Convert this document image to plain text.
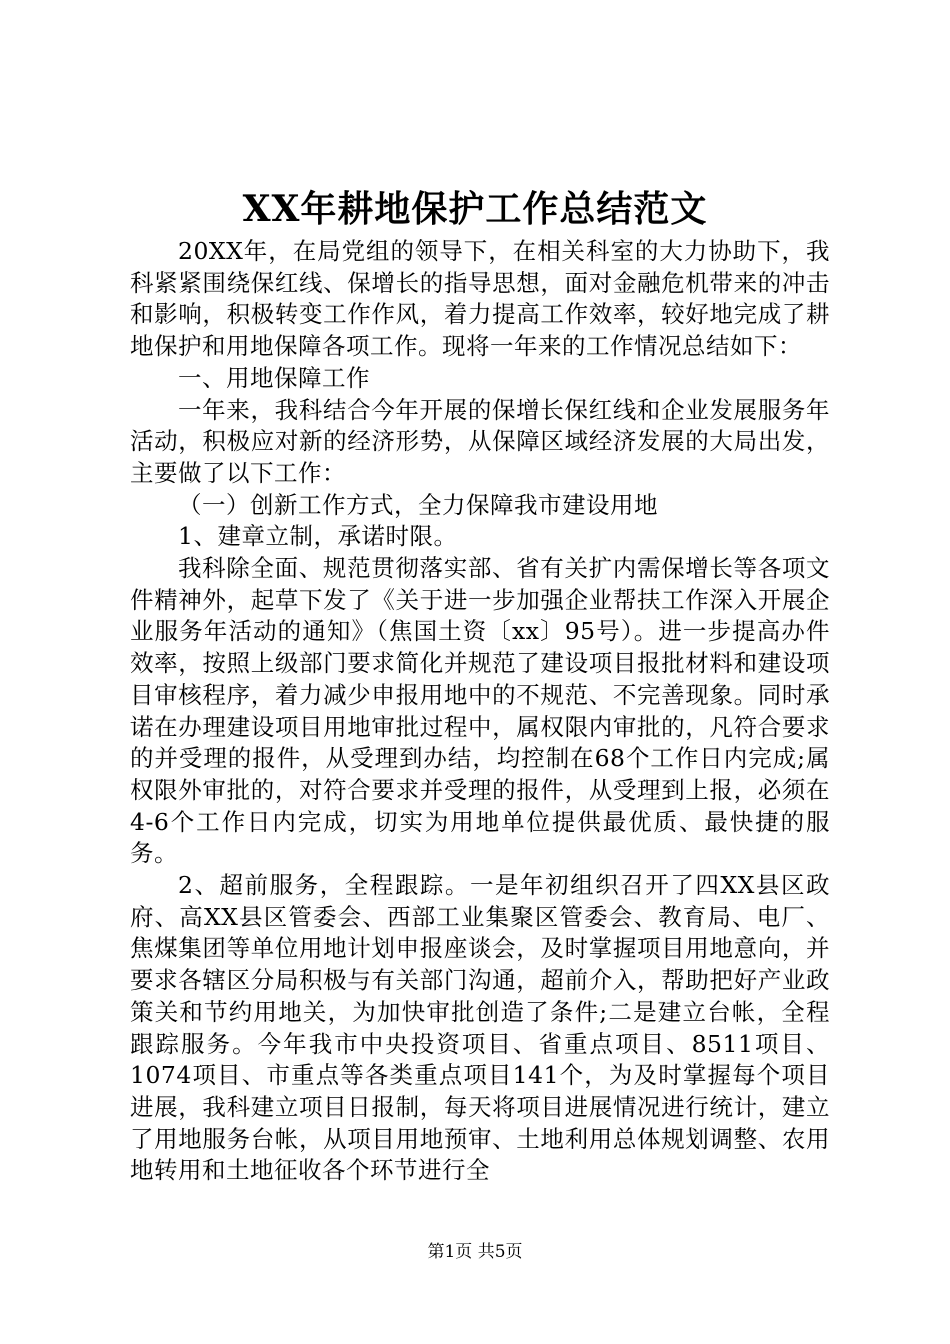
XX年耕地保护工作总结范文

20XX年，在局党组的领导下，在相关科室的大力协助下，我科紧紧围绕保红线、保增长的指导思想，面对金融危机带来的冲击和影响，积极转变工作作风，着力提高工作效率，较好地完成了耕地保护和用地保障各项工作。现将一年来的工作情况总结如下：

一、用地保障工作

一年来，我科结合今年开展的保增长保红线和企业发展服务年活动，积极应对新的经济形势，从保障区域经济发展的大局出发，主要做了以下工作：

（一）创新工作方式，全力保障我市建设用地

1、建章立制，承诺时限。

我科除全面、规范贯彻落实部、省有关扩内需保增长等各项文件精神外，起草下发了《关于进一步加强企业帮扶工作深入开展企业服务年活动的通知》（焦国土资〔xx〕95号）。进一步提高办件效率，按照上级部门要求简化并规范了建设项目报批材料和建设项目审核程序，着力减少申报用地中的不规范、不完善现象。同时承诺在办理建设项目用地审批过程中，属权限内审批的，凡符合要求的并受理的报件，从受理到办结，均控制在68个工作日内完成;属权限外审批的，对符合要求并受理的报件，从受理到上报，必须在4-6个工作日内完成，切实为用地单位提供最优质、最快捷的服务。

2、超前服务，全程跟踪。一是年初组织召开了四XX县区政府、高XX县区管委会、西部工业集聚区管委会、教育局、电厂、焦煤集团等单位用地计划申报座谈会，及时掌握项目用地意向，并要求各辖区分局积极与有关部门沟通，超前介入，帮助把好产业政策关和节约用地关，为加快审批创造了条件;二是建立台帐，全程跟踪服务。今年我市中央投资项目、省重点项目、8511项目、1074项目、市重点等各类重点项目141个，为及时掌握每个项目进展，我科建立项目日报制，每天将项目进展情况进行统计，建立了用地服务台帐，从项目用地预审、土地利用总体规划调整、农用地转用和土地征收各个环节进行全

第1页 共5页
